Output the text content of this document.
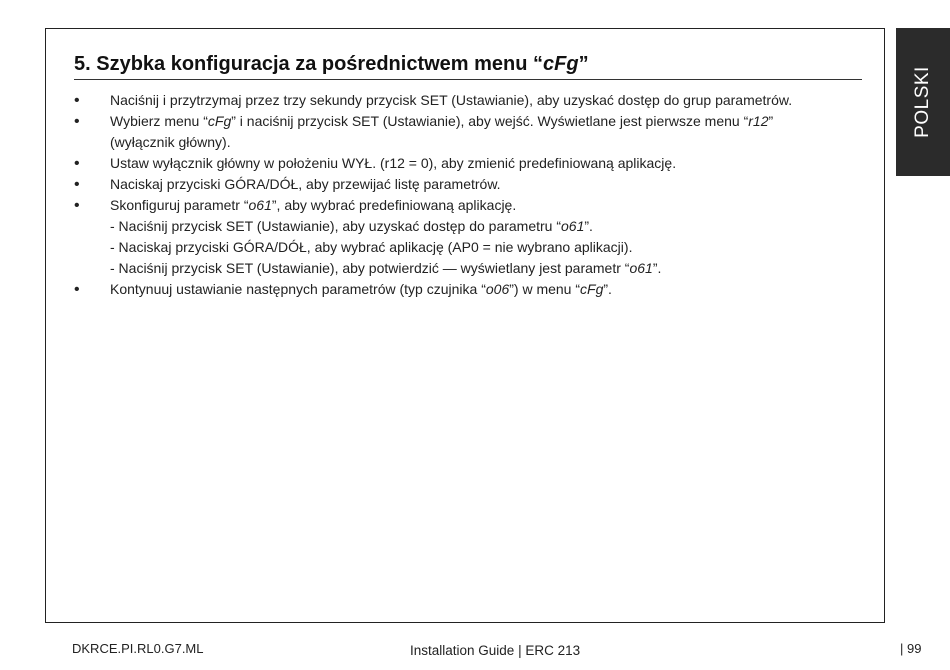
5. Szybka konfiguracja za pośrednictwem menu “cFg”
• Naciśnij i przytrzymaj przez trzy sekundy przycisk SET (Ustawianie), aby uzyskać dostęp do grup parametrów.
• Wybierz menu “cFg” i naciśnij przycisk SET (Ustawianie), aby wejść. Wyświetlane jest pierwsze menu “r12”
(wyłącznik główny).
• Ustaw wyłącznik główny w położeniu WYŁ. (r12 = 0), aby zmienić predefiniowaną aplikację.
• Naciskaj przyciski GÓRA/DÓŁ, aby przewijać listę parametrów.
• Skonfiguruj parametr “o61”, aby wybrać predefiniowaną aplikację.
- Naciśnij przycisk SET (Ustawianie), aby uzyskać dostęp do parametru “o61”.
- Naciskaj przyciski GÓRA/DÓŁ, aby wybrać aplikację (AP0 = nie wybrano aplikacji).
- Naciśnij przycisk SET (Ustawianie), aby potwierdzić — wyświetlany jest parametr “o61”.
• Kontynuuj ustawianie następnych parametrów (typ czujnika “o06”) w menu “cFg”.
POLSKI
DKRCE.PI.RL0.G7.ML	Installation Guide | ERC 213	| 99
